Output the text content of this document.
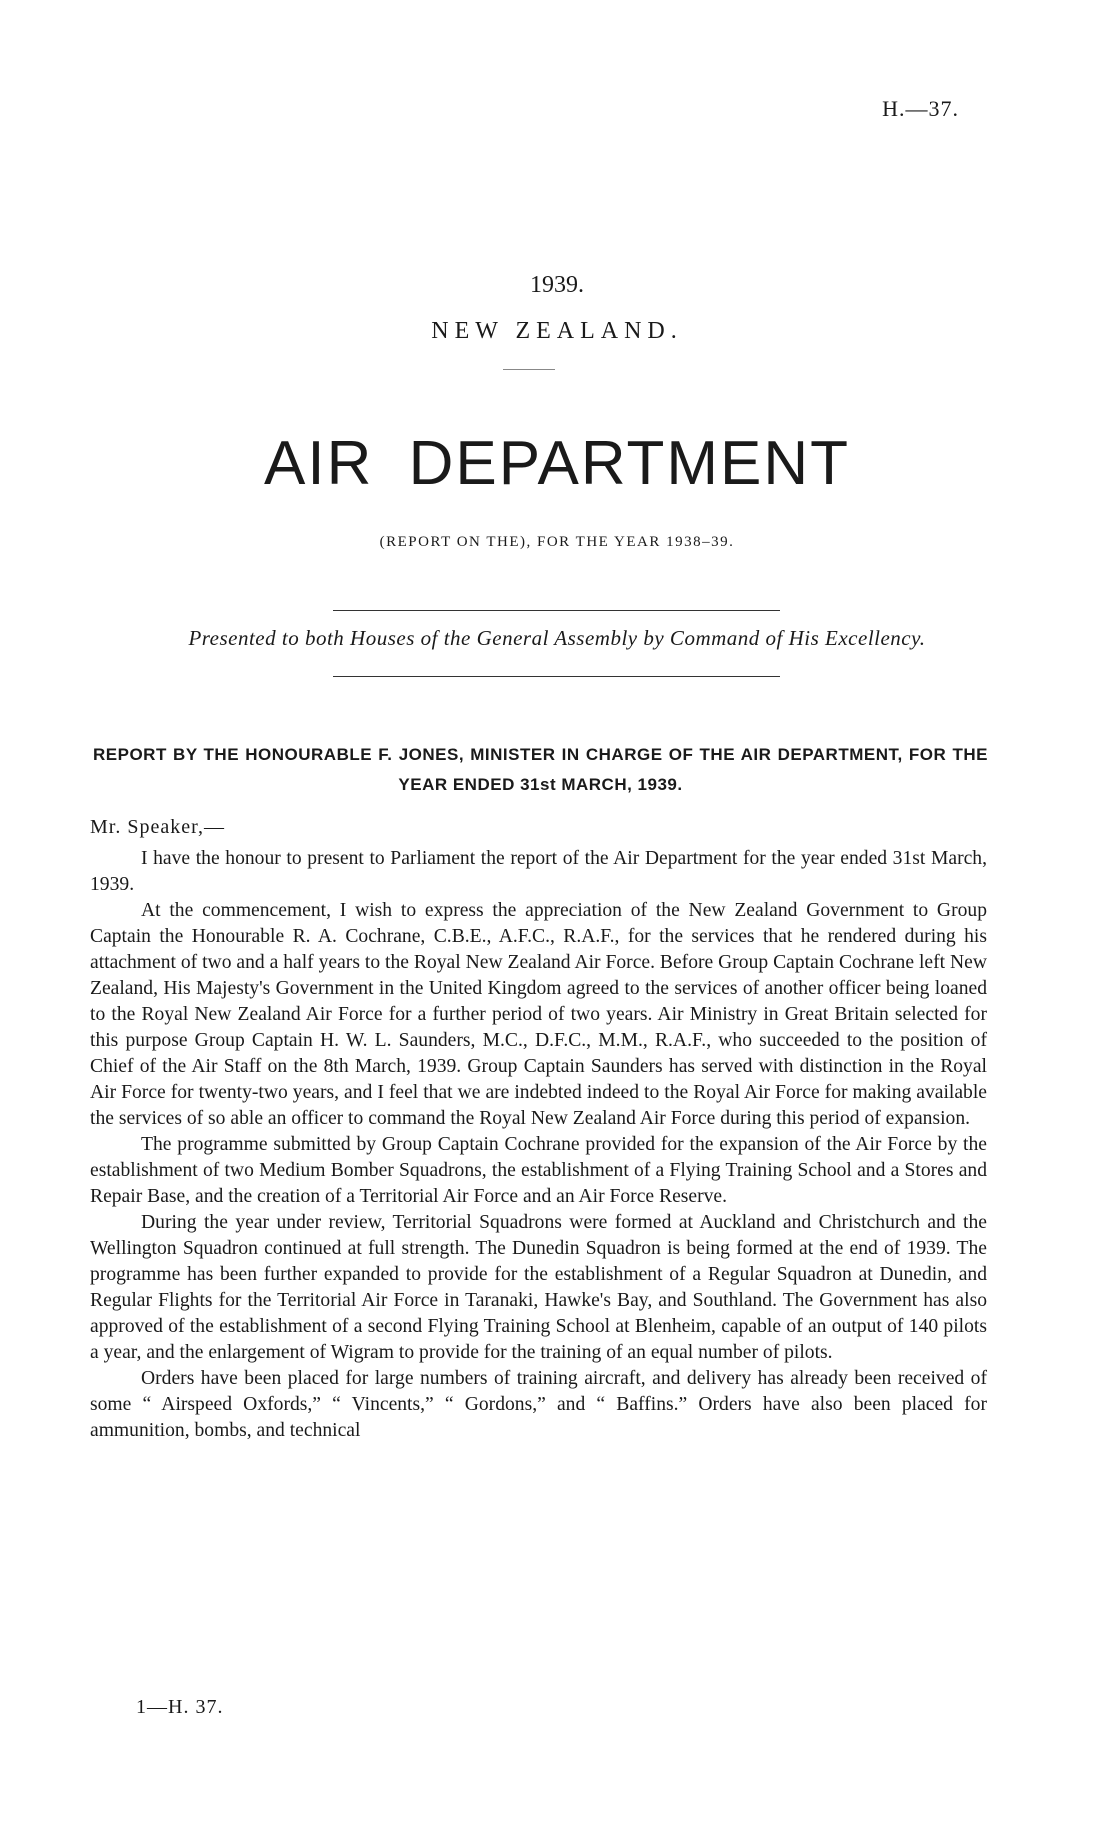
H.—37.
1939.
NEW ZEALAND.
AIR DEPARTMENT
(REPORT ON THE), FOR THE YEAR 1938–39.
Presented to both Houses of the General Assembly by Command of His Excellency.
REPORT BY THE HONOURABLE F. JONES, MINISTER IN CHARGE OF THE AIR DEPARTMENT, FOR THE YEAR ENDED 31st MARCH, 1939.
Mr. Speaker,—

I have the honour to present to Parliament the report of the Air Department for the year ended 31st March, 1939.

At the commencement, I wish to express the appreciation of the New Zealand Government to Group Captain the Honourable R. A. Cochrane, C.B.E., A.F.C., R.A.F., for the services that he rendered during his attachment of two and a half years to the Royal New Zealand Air Force. Before Group Captain Cochrane left New Zealand, His Majesty's Government in the United Kingdom agreed to the services of another officer being loaned to the Royal New Zealand Air Force for a further period of two years. Air Ministry in Great Britain selected for this purpose Group Captain H. W. L. Saunders, M.C., D.F.C., M.M., R.A.F., who succeeded to the position of Chief of the Air Staff on the 8th March, 1939. Group Captain Saunders has served with distinction in the Royal Air Force for twenty-two years, and I feel that we are indebted indeed to the Royal Air Force for making available the services of so able an officer to command the Royal New Zealand Air Force during this period of expansion.

The programme submitted by Group Captain Cochrane provided for the expansion of the Air Force by the establishment of two Medium Bomber Squadrons, the establishment of a Flying Training School and a Stores and Repair Base, and the creation of a Territorial Air Force and an Air Force Reserve.

During the year under review, Territorial Squadrons were formed at Auckland and Christchurch and the Wellington Squadron continued at full strength. The Dunedin Squadron is being formed at the end of 1939. The programme has been further expanded to provide for the establishment of a Regular Squadron at Dunedin, and Regular Flights for the Territorial Air Force in Taranaki, Hawke's Bay, and Southland. The Government has also approved of the establishment of a second Flying Training School at Blenheim, capable of an output of 140 pilots a year, and the enlargement of Wigram to provide for the training of an equal number of pilots.

Orders have been placed for large numbers of training aircraft, and delivery has already been received of some “ Airspeed Oxfords,” “ Vincents,” “ Gordons,” and “ Baffins.” Orders have also been placed for ammunition, bombs, and technical

1—H. 37.
